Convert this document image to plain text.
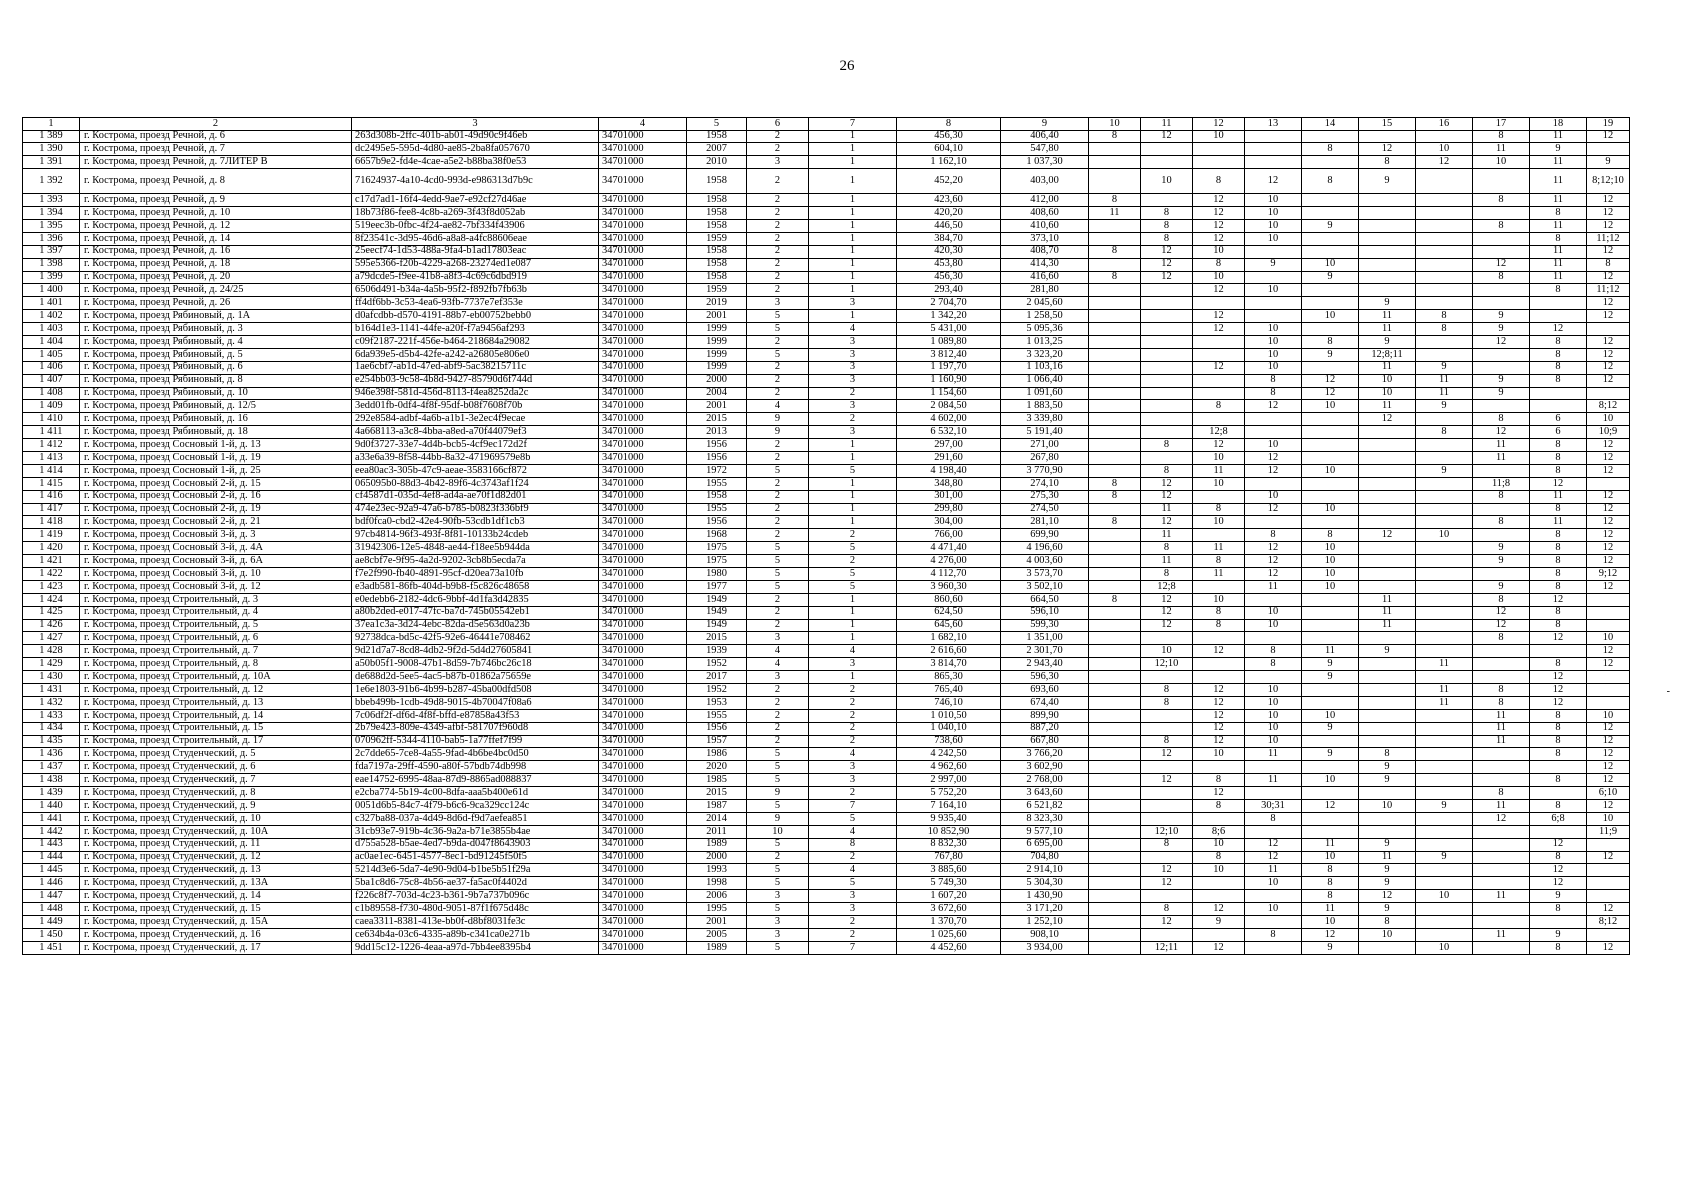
26
1	2	3	4	5	6	7	8	9	10	11	12	13	14	15	16	17	18	19
1 389	г. Кострома, проезд Речной, д. 6	263d308b-2ffc-401b-ab01-49d90c9f46eb	34701000	1958	2	1	456,30	406,40	8	12	10					8	11	12
1 390	г. Кострома, проезд Речной, д. 7	dc2495e5-595d-4d80-ae85-2ba8fa057670	34701000	2007	2	1	604,10	547,80					8	12	10	11	9	
1 391	г. Кострома, проезд Речной, д. 7ЛИТЕР В	6657b9e2-fd4e-4cae-a5e2-b88ba38f0e53	34701000	2010	3	1	1 162,10	1 037,30						8	12	10	11	9
1 392	г. Кострома, проезд Речной, д. 8	71624937-4a10-4cd0-993d-e986313d7b9c	34701000	1958	2	1	452,20	403,00		10	8	12	8	9			11	8;12;10
1 393	г. Кострома, проезд Речной, д. 9	c17d7ad1-16f4-4edd-9ae7-e92cf27d46ae	34701000	1958	2	1	423,60	412,00	8		12	10				8	11	12
1 394	г. Кострома, проезд Речной, д. 10	18b73f86-fee8-4c8b-a269-3f43f8d052ab	34701000	1958	2	1	420,20	408,60	11	8	12	10					8	12
1 395	г. Кострома, проезд Речной, д. 12	519eec3b-0fbc-4f24-ae82-7bf334f43906	34701000	1958	2	1	446,50	410,60		8	12	10	9			8	11	12
1 396	г. Кострома, проезд Речной, д. 14	8f23541c-3d95-46d6-a8a8-a4fc88606eae	34701000	1959	2	1	384,70	373,10		8	12	10					8	11;12
1 397	г. Кострома, проезд Речной, д. 16	25eecf74-1d53-488a-9fa4-b1ad17803eac	34701000	1958	2	1	420,30	408,70	8	12	10						11	12
1 398	г. Кострома, проезд Речной, д. 18	595e5366-f20b-4229-a268-23274ed1e087	34701000	1958	2	1	453,80	414,30		12	8	9	10			12	11	8
1 399	г. Кострома, проезд Речной, д. 20	a79dcde5-f9ee-41b8-a8f3-4c69c6dbd919	34701000	1958	2	1	456,30	416,60	8	12	10		9			8	11	12
1 400	г. Кострома, проезд Речной, д. 24/25	6506d491-b34a-4a5b-95f2-f892fb7fb63b	34701000	1959	2	1	293,40	281,80			12	10					8	11;12
1 401	г. Кострома, проезд Речной, д. 26	ff4df6bb-3c53-4ea6-93fb-7737e7ef353e	34701000	2019	3	3	2 704,70	2 045,60						9				12
1 402	г. Кострома, проезд Рябиновый, д. 1А	d0afcdbb-d570-4191-88b7-eb00752bebb0	34701000	2001	5	1	1 342,20	1 258,50			12		10	11	8	9		12
1 403	г. Кострома, проезд Рябиновый, д. 3	b164d1e3-1141-44fe-a20f-f7a9456af293	34701000	1999	5	4	5 431,00	5 095,36			12	10		11	8	9	12	
1 404	г. Кострома, проезд Рябиновый, д. 4	c09f2187-221f-456e-b464-218684a29082	34701000	1999	2	3	1 089,80	1 013,25				10	8	9		12	8	12
1 405	г. Кострома, проезд Рябиновый, д. 5	6da939e5-d5b4-42fe-a242-a26805e806e0	34701000	1999	5	3	3 812,40	3 323,20				10	9	12;8;11			8	12
1 406	г. Кострома, проезд Рябиновый, д. 6	1ae6cbf7-ab1d-47ed-abf9-5ac38215711c	34701000	1999	2	3	1 197,70	1 103,16			12	10		11	9		8	12
1 407	г. Кострома, проезд Рябиновый, д. 8	e254bb03-9c58-4b8d-9427-85790d6f744d	34701000	2000	2	3	1 160,90	1 066,40				8	12	10	11	9	8	12
1 408	г. Кострома, проезд Рябиновый, д. 10	946e398f-581d-456d-8113-f4ea8252da2c	34701000	2004	2	2	1 154,60	1 091,60				8	12	10	11	9		
1 409	г. Кострома, проезд Рябиновый, д. 12/5	3edd01fb-0df4-4f8f-95df-b08f7608f70b	34701000	2001	4	3	2 084,50	1 883,50			8	12	10	11	9			8;12
1 410	г. Кострома, проезд Рябиновый, д. 16	292e8584-adbf-4a6b-a1b1-3e2ec4f9ecae	34701000	2015	9	2	4 602,00	3 339,80						12		8	6	10
1 411	г. Кострома, проезд Рябиновый, д. 18	4a668113-a3c8-4bba-a8ed-a70f44079ef3	34701000	2013	9	3	6 532,10	5 191,40			12;8				8	12	6	10;9
1 412	г. Кострома, проезд Сосновый 1-й, д. 13	9d0f3727-33e7-4d4b-bcb5-4cf9ec172d2f	34701000	1956	2	1	297,00	271,00		8	12	10				11	8	12
1 413	г. Кострома, проезд Сосновый 1-й, д. 19	a33e6a39-8f58-44bb-8a32-471969579e8b	34701000	1956	2	1	291,60	267,80			10	12				11	8	12
1 414	г. Кострома, проезд Сосновый 1-й, д. 25	eea80ac3-305b-47c9-aeae-3583166cf872	34701000	1972	5	5	4 198,40	3 770,90		8	11	12	10		9		8	12
1 415	г. Кострома, проезд Сосновый 2-й, д. 15	065095b0-88d3-4b42-89f6-4c3743af1f24	34701000	1955	2	1	348,80	274,10	8	12	10					11;8	12	
1 416	г. Кострома, проезд Сосновый 2-й, д. 16	cf4587d1-035d-4ef8-ad4a-ae70f1d82d01	34701000	1958	2	1	301,00	275,30	8	12		10				8	11	12
1 417	г. Кострома, проезд Сосновый 2-й, д. 19	474e23ec-92a9-47a6-b785-b0823f336bf9	34701000	1955	2	1	299,80	274,50		11	8	12	10				8	12
1 418	г. Кострома, проезд Сосновый 2-й, д. 21	bdf0fca0-cbd2-42e4-90fb-53cdb1df1cb3	34701000	1956	2	1	304,00	281,10	8	12	10					8	11	12
1 419	г. Кострома, проезд Сосновый 3-й, д. 3	97cb4814-96f3-493f-8f81-10133b24cdeb	34701000	1968	2	2	766,00	699,90		11		8	8	12	10		8	12
1 420	г. Кострома, проезд Сосновый 3-й, д. 4А	31942306-12e5-4848-ae44-f18ee5b944da	34701000	1975	5	5	4 471,40	4 196,60		8	11	12	10			9	8	12
1 421	г. Кострома, проезд Сосновый 3-й, д. 6А	ae8cbf7e-9f95-4a2d-9202-3cb8b5ecda7a	34701000	1975	5	2	4 276,00	4 003,60		11	8	12	10			9	8	12
1 422	г. Кострома, проезд Сосновый 3-й, д. 10	f7e2f990-fb40-4891-95cf-d20ea73a10fb	34701000	1980	5	5	4 112,70	3 573,70		8	11	12	10				8	9;12
1 423	г. Кострома, проезд Сосновый 3-й, д. 12	e3adb581-86fb-404d-b9b8-f5c826c48658	34701000	1977	5	5	3 960,30	3 502,10		12;8		11	10			9	8	12
1 424	г. Кострома, проезд Строительный, д. 3	e0edebb6-2182-4dc6-9bbf-4d1fa3d42835	34701000	1949	2	1	860,60	664,50	8	12	10			11		8	12	
1 425	г. Кострома, проезд Строительный, д. 4	a80b2ded-e017-47fc-ba7d-745b05542eb1	34701000	1949	2	1	624,50	596,10		12	8	10		11		12	8	
1 426	г. Кострома, проезд Строительный, д. 5	37ea1c3a-3d24-4ebc-82da-d5e563d0a23b	34701000	1949	2	1	645,60	599,30		12	8	10		11		12	8	
1 427	г. Кострома, проезд Строительный, д. 6	92738dca-bd5c-42f5-92e6-46441e708462	34701000	2015	3	1	1 682,10	1 351,00								8	12	10
1 428	г. Кострома, проезд Строительный, д. 7	9d21d7a7-8cd8-4db2-9f2d-5d4d27605841	34701000	1939	4	4	2 616,60	2 301,70		10	12	8	11	9				12
1 429	г. Кострома, проезд Строительный, д. 8	a50b05f1-9008-47b1-8d59-7b746bc26c18	34701000	1952	4	3	3 814,70	2 943,40		12;10		8	9		11		8	12
1 430	г. Кострома, проезд Строительный, д. 10А	de688d2d-5ee5-4ac5-b87b-01862a75659e	34701000	2017	3	1	865,30	596,30					9				12	
1 431	г. Кострома, проезд Строительный, д. 12	1e6e1803-91b6-4b99-b287-45ba00dfd508	34701000	1952	2	2	765,40	693,60		8	12	10			11	8	12	
1 432	г. Кострома, проезд Строительный, д. 13	bbeb499b-1cdb-49d8-9015-4b70047f08a6	34701000	1953	2	2	746,10	674,40		8	12	10			11	8	12	
1 433	г. Кострома, проезд Строительный, д. 14	7c06df2f-df6d-4f8f-bffd-e87858a43f53	34701000	1955	2	2	1 010,50	899,90			12	10	10			11	8	10
1 434	г. Кострома, проезд Строительный, д. 15	2b79e423-809e-4349-afbf-581707f960d8	34701000	1956	2	2	1 040,10	887,20			12	10	9			11	8	12
1 435	г. Кострома, проезд Строительный, д. 17	070962ff-5344-4110-bab5-1a77ffef7f99	34701000	1957	2	2	738,60	667,80		8	12	10				11	8	12
1 436	г. Кострома, проезд Студенческий, д. 5	2c7dde65-7ce8-4a55-9fad-4b6be4bc0d50	34701000	1986	5	4	4 242,50	3 766,20		12	10	11	9	8			8	12
1 437	г. Кострома, проезд Студенческий, д. 6	fda7197a-29ff-4590-a80f-57bdb74db998	34701000	2020	5	3	4 962,60	3 602,90						9				12
1 438	г. Кострома, проезд Студенческий, д. 7	eae14752-6995-48aa-87d9-8865ad088837	34701000	1985	5	3	2 997,00	2 768,00		12	8	11	10	9			8	12
1 439	г. Кострома, проезд Студенческий, д. 8	e2cba774-5b19-4c00-8dfa-aaa5b400e61d	34701000	2015	9	2	5 752,20	3 643,60			12					8		6;10
1 440	г. Кострома, проезд Студенческий, д. 9	0051d6b5-84c7-4f79-b6c6-9ca329cc124c	34701000	1987	5	7	7 164,10	6 521,82			8	30;31	12	10	9	11	8	12
1 441	г. Кострома, проезд Студенческий, д. 10	c327ba88-037a-4d49-8d6d-f9d7aefea851	34701000	2014	9	5	9 935,40	8 323,30				8				12	6;8	10
1 442	г. Кострома, проезд Студенческий, д. 10А	31cb93e7-919b-4c36-9a2a-b71e3855b4ae	34701000	2011	10	4	10 852,90	9 577,10		12;10	8;6							11;9
1 443	г. Кострома, проезд Студенческий, д. 11	d755a528-b5ae-4ed7-b9da-d047f8643903	34701000	1989	5	8	8 832,30	6 695,00		8	10	12	11	9			12	
1 444	г. Кострома, проезд Студенческий, д. 12	ac0ae1ec-6451-4577-8ec1-bd91245f50f5	34701000	2000	2	2	767,80	704,80			8	12	10	11	9		8	12
1 445	г. Кострома, проезд Студенческий, д. 13	5214d3e6-5da7-4e90-9d04-b1be5b51f29a	34701000	1993	5	4	3 885,60	2 914,10		12	10	11	8	9			12	
1 446	г. Кострома, проезд Студенческий, д. 13А	5ba1c8d6-75c8-4b56-ae37-fa5ac0f4402d	34701000	1998	5	5	5 749,30	5 304,30		12		10	8	9			12	
1 447	г. Кострома, проезд Студенческий, д. 14	f226c8f7-703d-4c23-b361-9b7a737b096c	34701000	2006	3	3	1 607,20	1 430,90					8	12	10	11	9	
1 448	г. Кострома, проезд Студенческий, д. 15	c1b89558-f730-480d-9051-87f1f675d48c	34701000	1995	5	3	3 672,60	3 171,20		8	12	10	11	9			8	12
1 449	г. Кострома, проезд Студенческий, д. 15А	caea3311-8381-413e-bb0f-d8bf8031fe3c	34701000	2001	3	2	1 370,70	1 252,10		12	9		10	8				8;12
1 450	г. Кострома, проезд Студенческий, д. 16	ce634b4a-03c6-4335-a89b-c341ca0e271b	34701000	2005	3	2	1 025,60	908,10				8	12	10		11	9	
1 451	г. Кострома, проезд Студенческий, д. 17	9dd15c12-1226-4eaa-a97d-7bb4ee8395b4	34701000	1989	5	7	4 452,60	3 934,00		12;11	12		9		10		8	12
-
